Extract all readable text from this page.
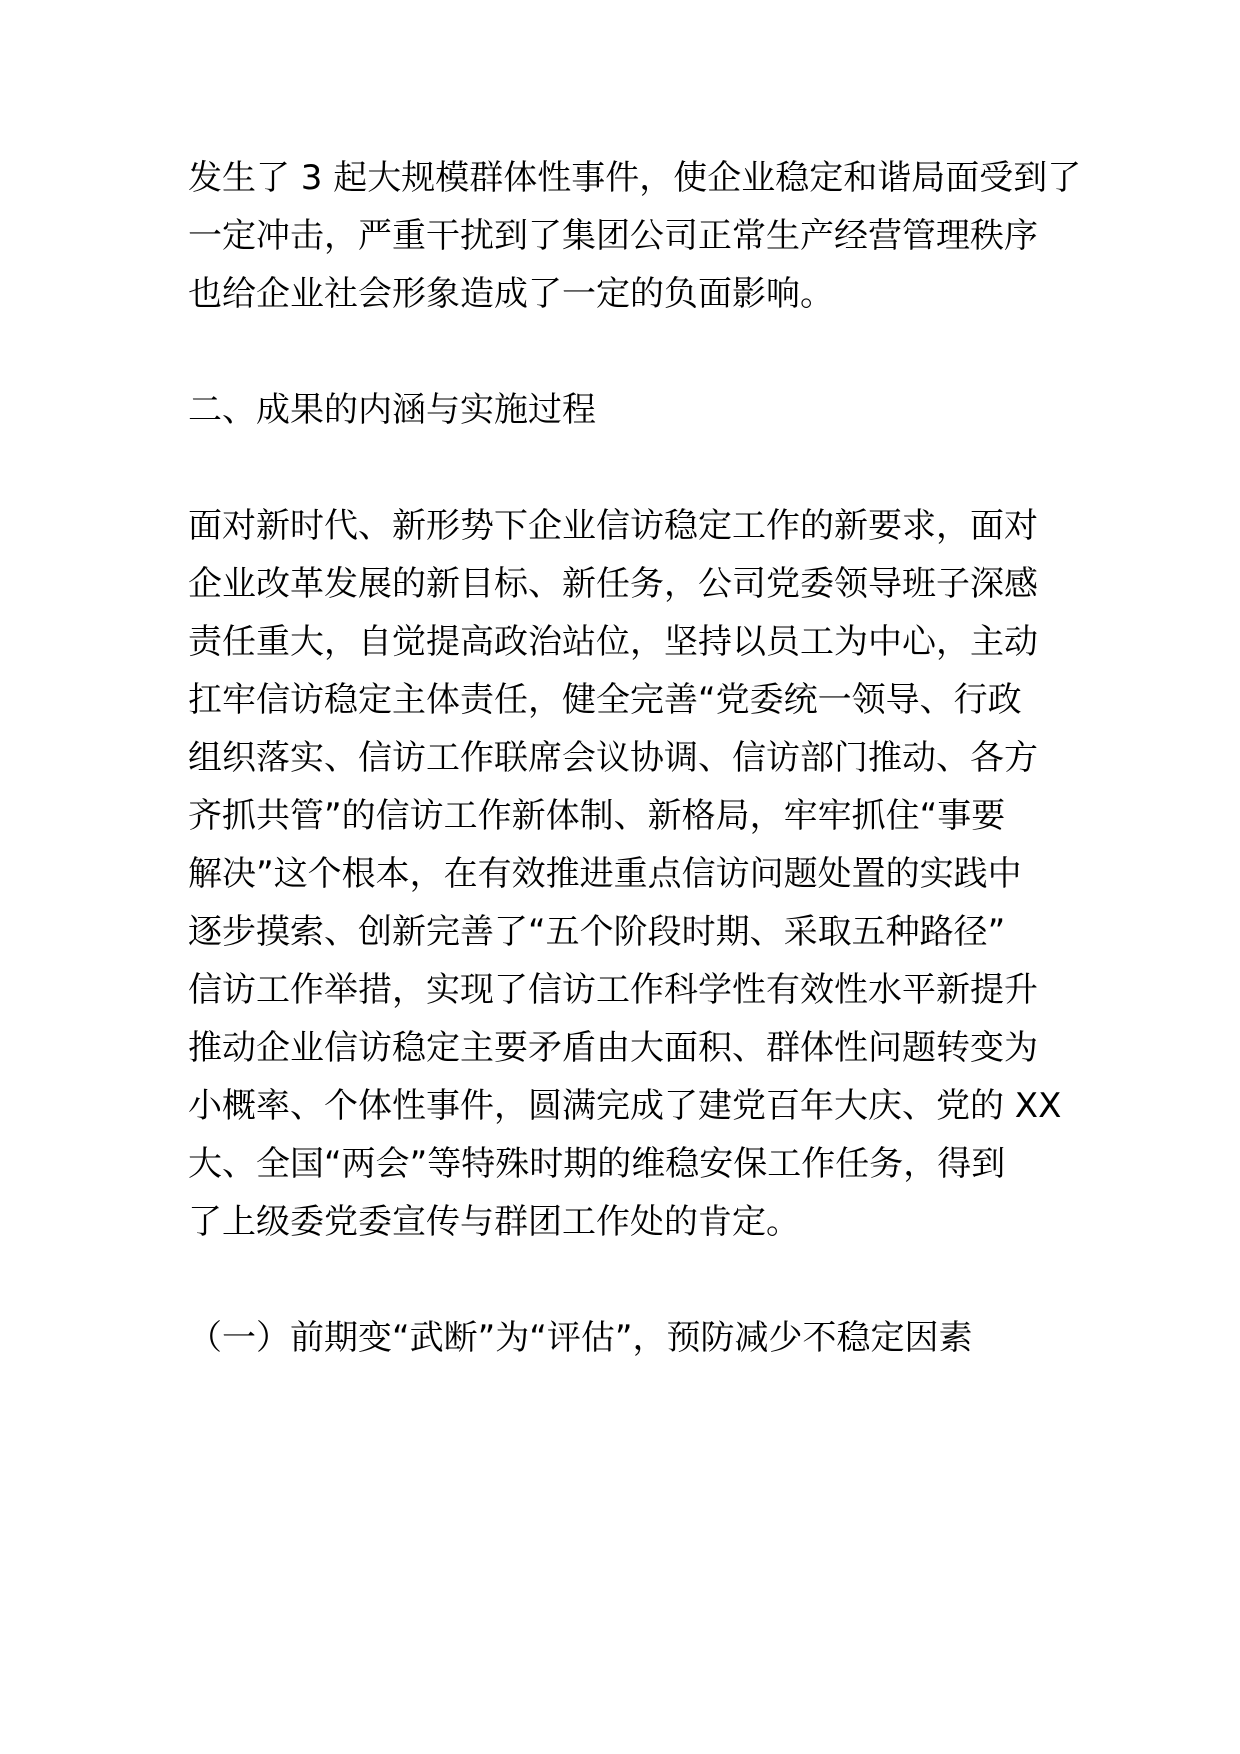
发生了 3 起大规模群体性事件，使企业稳定和谐局面受到了
一定冲击，严重干扰到了集团公司正常生产经营管理秩序
也给企业社会形象造成了一定的负面影响。
二、成果的内涵与实施过程
面对新时代、新形势下企业信访稳定工作的新要求，面对
企业改革发展的新目标、新任务，公司党委领导班子深感
责任重大，自觉提高政治站位，坚持以员工为中心，主动
扛牢信访稳定主体责任，健全完善“党委统一领导、行政
组织落实、信访工作联席会议协调、信访部门推动、各方
齐抓共管”的信访工作新体制、新格局，牢牢抓住“事要
解决”这个根本，在有效推进重点信访问题处置的实践中
逐步摸索、创新完善了“五个阶段时期、采取五种路径”
信访工作举措，实现了信访工作科学性有效性水平新提升
推动企业信访稳定主要矛盾由大面积、群体性问题转变为
小概率、个体性事件，圆满完成了建党百年大庆、党的 XX
大、全国“两会”等特殊时期的维稳安保工作任务，得到
了上级委党委宣传与群团工作处的肯定。
（一）前期变“武断”为“评估”，预防减少不稳定因素
